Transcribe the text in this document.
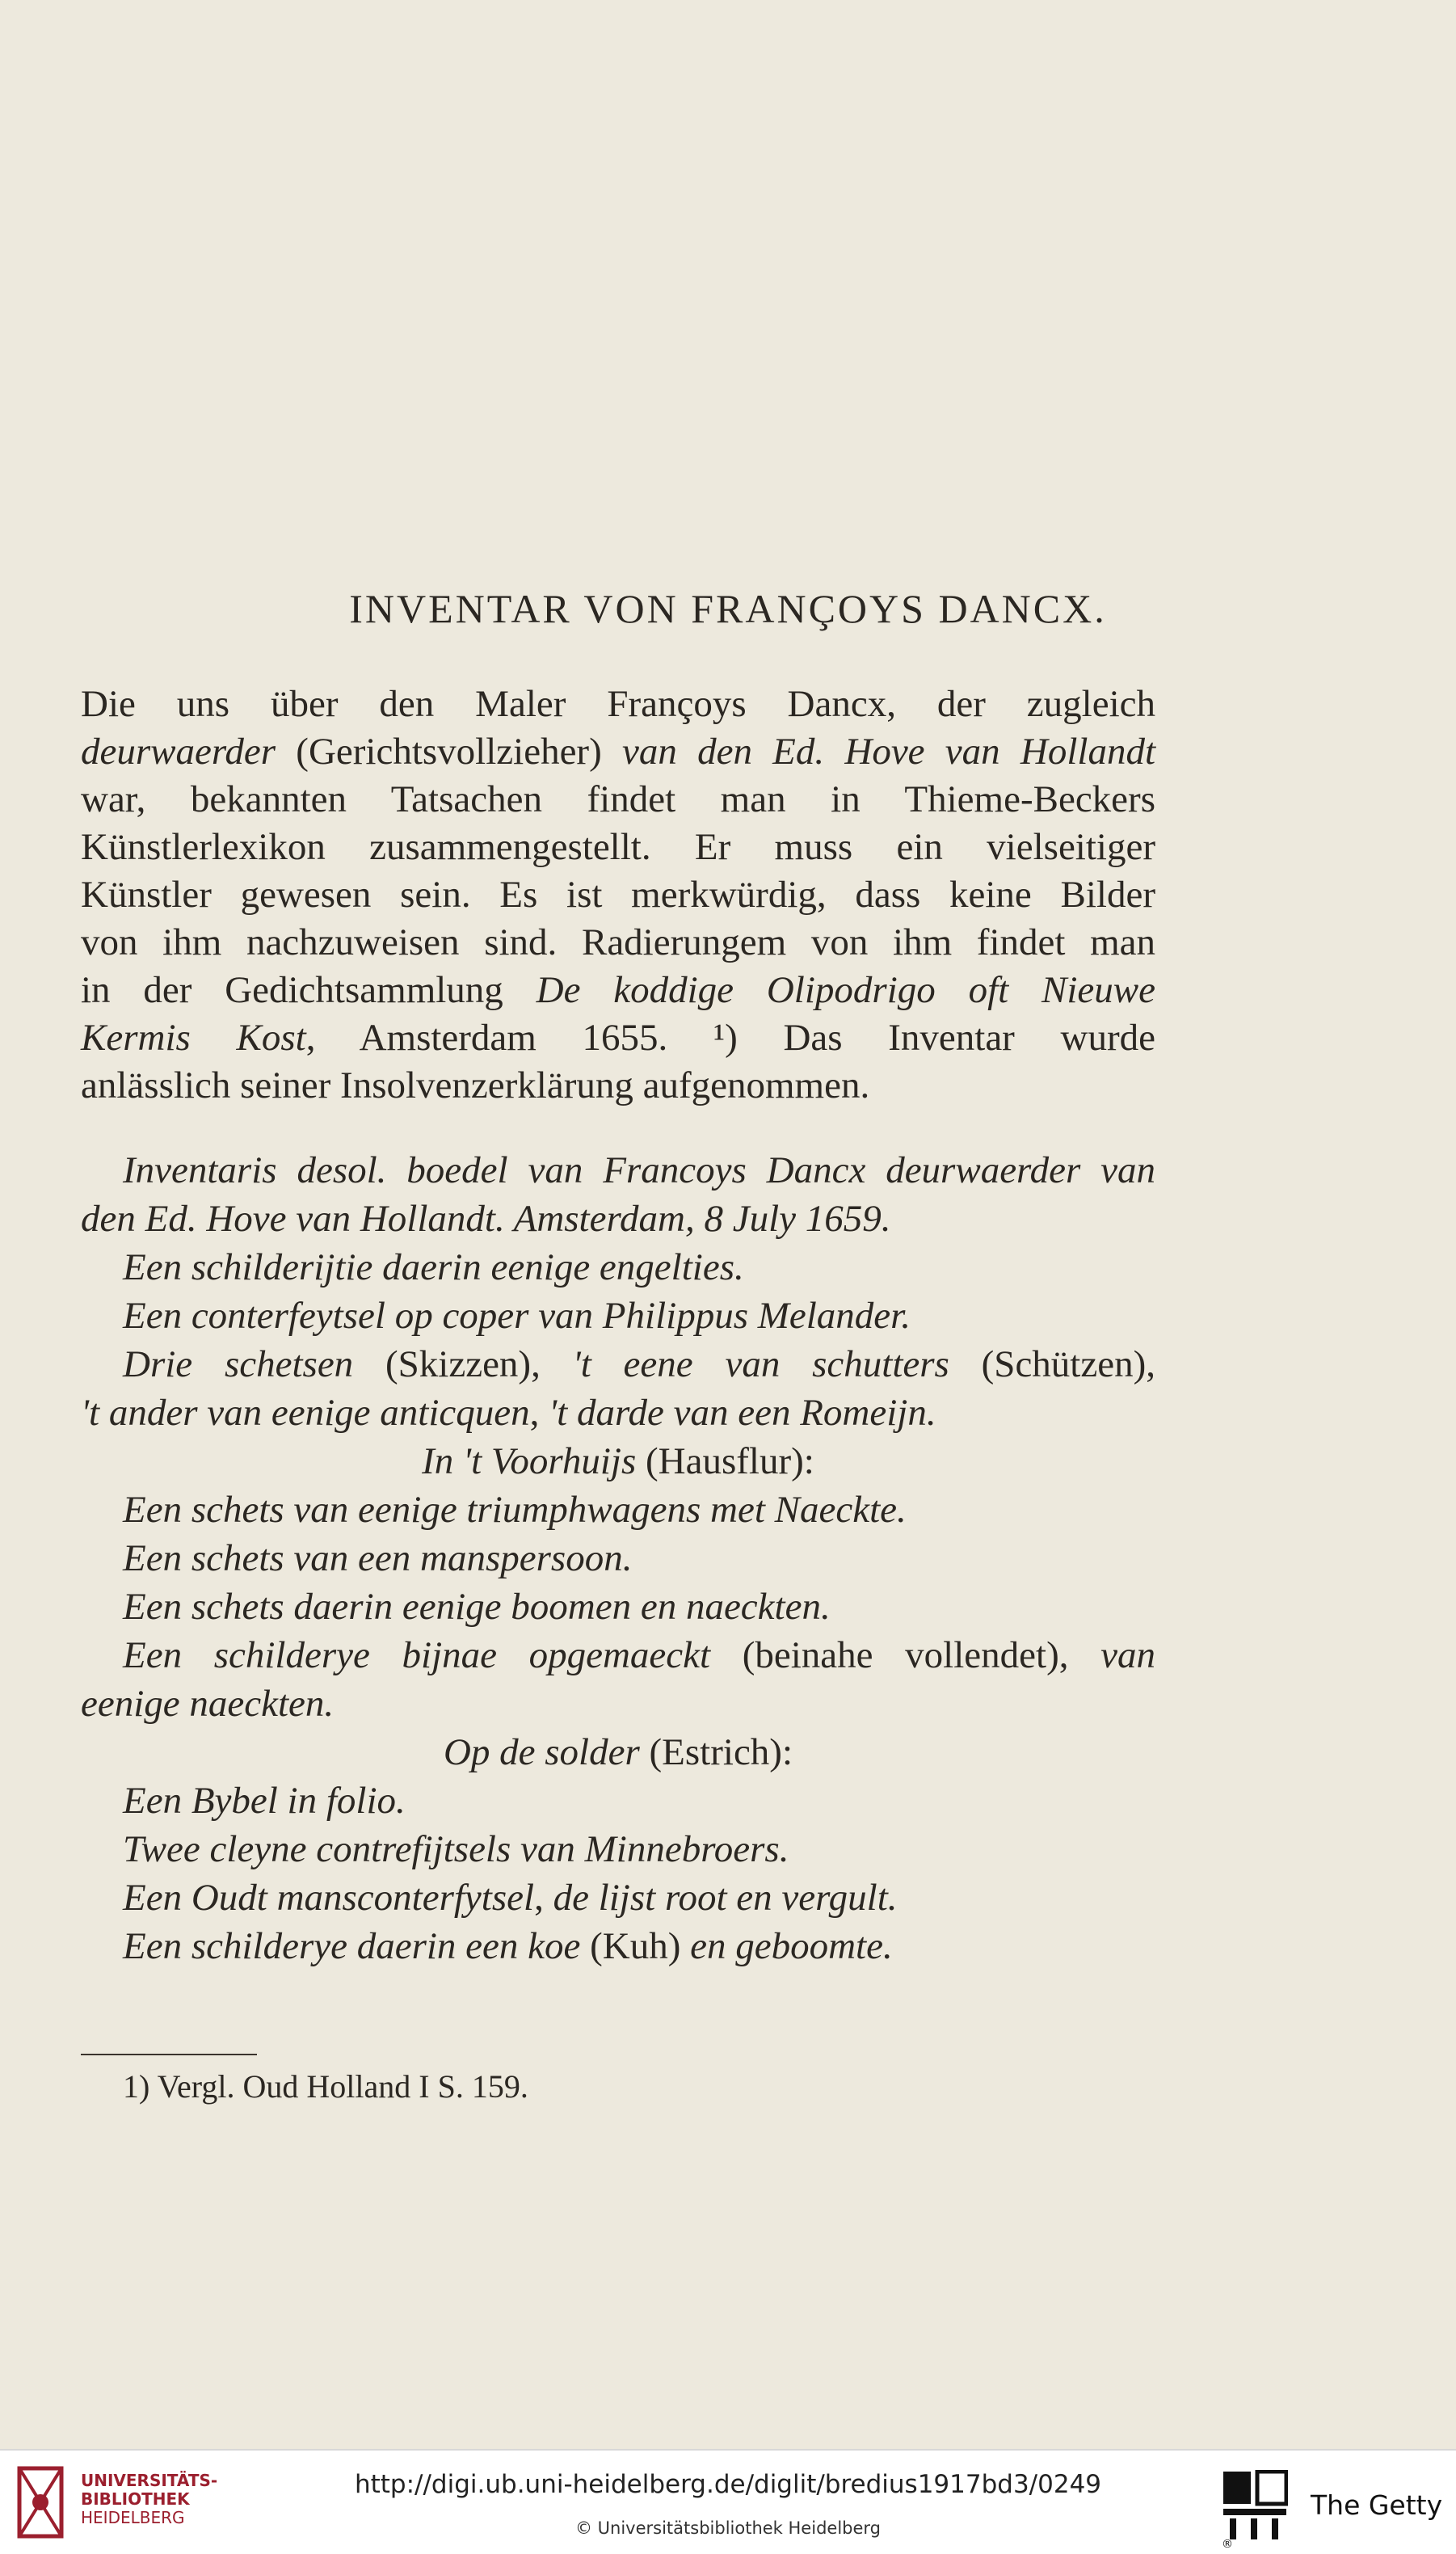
INVENTAR VON FRANÇOYS DANCX.
Die uns über den Maler Françoys Dancx, der zugleich
deurwaerder (Gerichtsvollzieher) van den Ed. Hove van Hollandt
war, bekannten Tatsachen findet man in Thieme-Beckers
Künstlerlexikon zusammengestellt. Er muss ein vielseitiger
Künstler gewesen sein. Es ist merkwürdig, dass keine Bilder
von ihm nachzuweisen sind. Radierungem von ihm findet man
in der Gedichtsammlung De koddige Olipodrigo oft Nieuwe
Kermis Kost, Amsterdam 1655. ¹) Das Inventar wurde
anlässlich seiner Insolvenzerklärung aufgenommen.
Inventaris desol. boedel van Francoys Dancx deurwaerder van
den Ed. Hove van Hollandt. Amsterdam, 8 July 1659.
Een schilderijtie daerin eenige engelties.
Een conterfeytsel op coper van Philippus Melander.
Drie schetsen (Skizzen), 't eene van schutters (Schützen),
't ander van eenige anticquen, 't darde van een Romeijn.
In 't Voorhuijs (Hausflur):
Een schets van eenige triumphwagens met Naeckte.
Een schets van een manspersoon.
Een schets daerin eenige boomen en naeckten.
Een schilderye bijnae opgemaeckt (beinahe vollendet), van
eenige naeckten.
Op de solder (Estrich):
Een Bybel in folio.
Twee cleyne contrefijtsels van Minnebroers.
Een Oudt mansconterfytsel, de lijst root en vergult.
Een schilderye daerin een koe (Kuh) en geboomte.
1) Vergl. Oud Holland I S. 159.
UNIVERSITÄTS-
BIBLIOTHEK
HEIDELBERG
http://digi.ub.uni-heidelberg.de/diglit/bredius1917bd3/0249
© Universitätsbibliothek Heidelberg
®
The Getty
